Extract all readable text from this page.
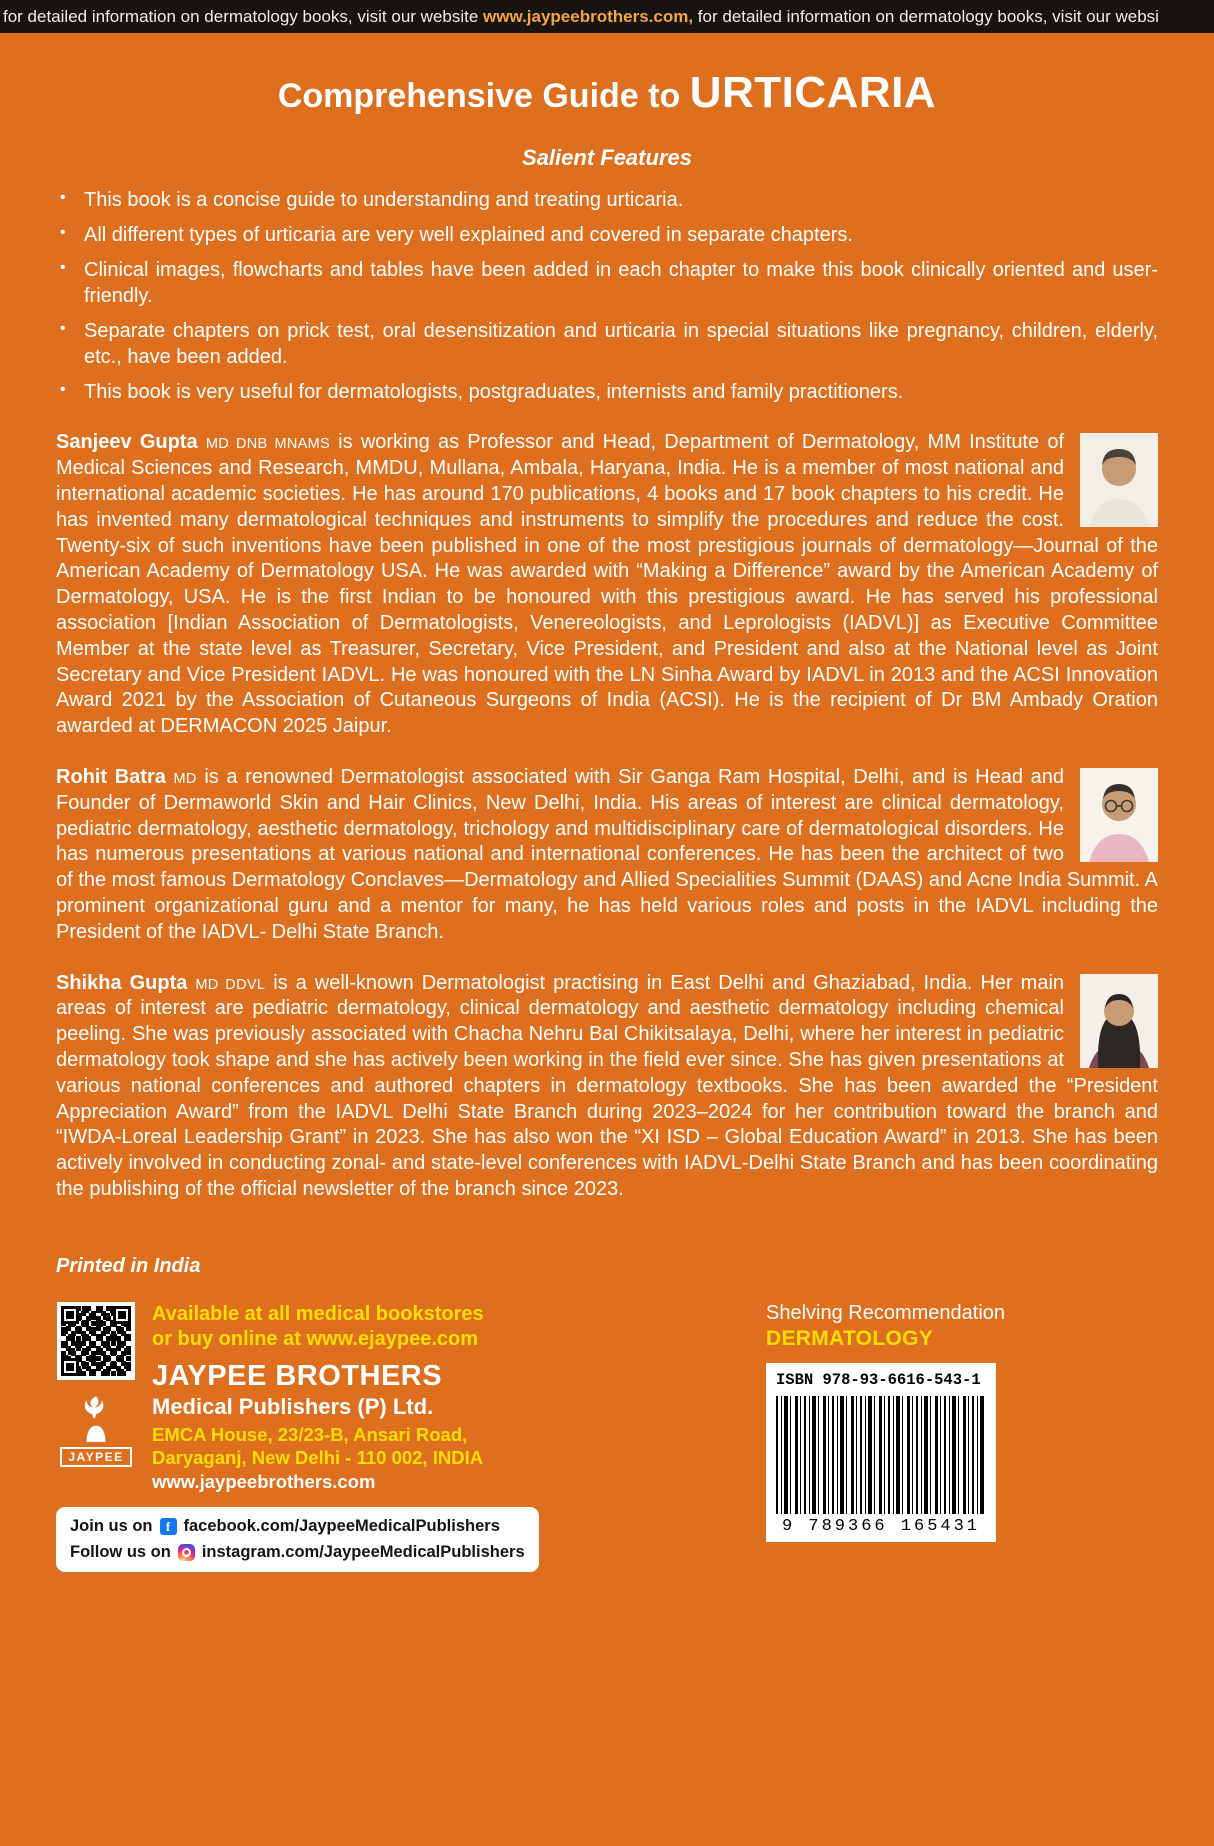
for detailed information on dermatology books, visit our website www.jaypeebrothers.com, for detailed information on dermatology books, visit our websi
Comprehensive Guide to URTICARIA
Salient Features
• This book is a concise guide to understanding and treating urticaria.
• All different types of urticaria are very well explained and covered in separate chapters.
• Clinical images, flowcharts and tables have been added in each chapter to make this book clinically oriented and user-friendly.
• Separate chapters on prick test, oral desensitization and urticaria in special situations like pregnancy, children, elderly, etc., have been added.
• This book is very useful for dermatologists, postgraduates, internists and family practitioners.

Sanjeev Gupta MD DNB MNAMS is working as Professor and Head, Department of Dermatology, MM Institute of Medical Sciences and Research, MMDU, Mullana, Ambala, Haryana, India. He is a member of most national and international academic societies. He has around 170 publications, 4 books and 17 book chapters to his credit. He has invented many dermatological techniques and instruments to simplify the procedures and reduce the cost. Twenty-six of such inventions have been published in one of the most prestigious journals of dermatology—Journal of the American Academy of Dermatology USA. He was awarded with “Making a Difference” award by the American Academy of Dermatology, USA. He is the first Indian to be honoured with this prestigious award. He has served his professional association [Indian Association of Dermatologists, Venereologists, and Leprologists (IADVL)] as Executive Committee Member at the state level as Treasurer, Secretary, Vice President, and President and also at the National level as Joint Secretary and Vice President IADVL. He was honoured with the LN Sinha Award by IADVL in 2013 and the ACSI Innovation Award 2021 by the Association of Cutaneous Surgeons of India (ACSI). He is the recipient of Dr BM Ambady Oration awarded at DERMACON 2025 Jaipur.

Rohit Batra MD is a renowned Dermatologist associated with Sir Ganga Ram Hospital, Delhi, and is Head and Founder of Dermaworld Skin and Hair Clinics, New Delhi, India. His areas of interest are clinical dermatology, pediatric dermatology, aesthetic dermatology, trichology and multidisciplinary care of dermatological disorders. He has numerous presentations at various national and international conferences. He has been the architect of two of the most famous Dermatology Conclaves—Dermatology and Allied Specialities Summit (DAAS) and Acne India Summit. A prominent organizational guru and a mentor for many, he has held various roles and posts in the IADVL including the President of the IADVL- Delhi State Branch.

Shikha Gupta MD DDVL is a well-known Dermatologist practising in East Delhi and Ghaziabad, India. Her main areas of interest are pediatric dermatology, clinical dermatology and aesthetic dermatology including chemical peeling. She was previously associated with Chacha Nehru Bal Chikitsalaya, Delhi, where her interest in pediatric dermatology took shape and she has actively been working in the field ever since. She has given presentations at various national conferences and authored chapters in dermatology textbooks. She has been awarded the “President Appreciation Award” from the IADVL Delhi State Branch during 2023–2024 for her contribution toward the branch and “IWDA-Loreal Leadership Grant” in 2023. She has also won the “XI ISD – Global Education Award” in 2013. She has been actively involved in conducting zonal- and state-level conferences with IADVL-Delhi State Branch and has been coordinating the publishing of the official newsletter of the branch since 2023.

Printed in India
JAYPEE
Available at all medical bookstores
or buy online at www.ejaypee.com
JAYPEE BROTHERS
Medical Publishers (P) Ltd.
EMCA House, 23/23-B, Ansari Road,
Daryaganj, New Delhi - 110 002, INDIA
www.jaypeebrothers.com
Join us on	f facebook.com/JaypeeMedicalPublishers
Follow us on instagram.com/JaypeeMedicalPublishers
Shelving Recommendation
DERMATOLOGY
ISBN 978-93-6616-543-1
9 789366 165431
